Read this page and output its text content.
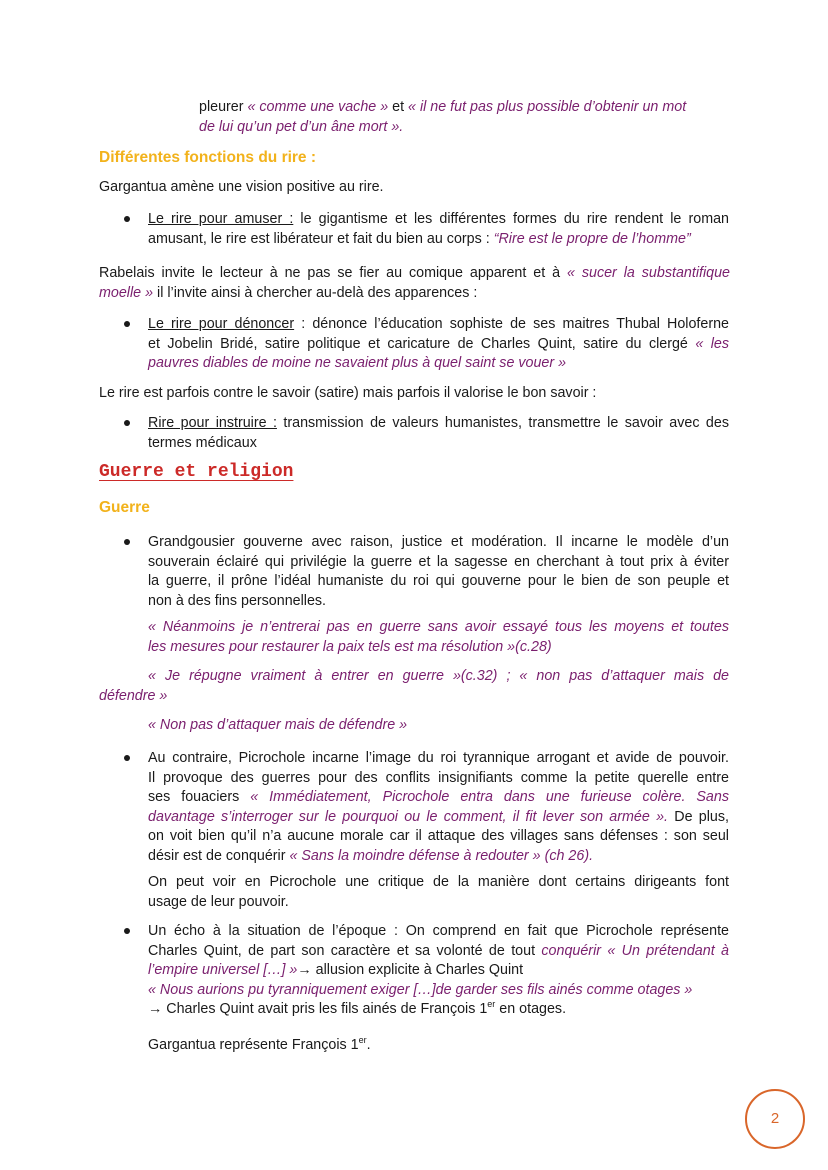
pleurer « comme une vache » et « il ne fut pas plus possible d’obtenir un mot
de lui qu’un pet d’un âne mort ».
Différentes fonctions du rire :
Gargantua amène une vision positive au rire.
Le rire pour amuser : le gigantisme et les différentes formes du rire rendent le roman
amusant, le rire est libérateur et fait du bien au corps : “Rire est le propre de l’homme”
Rabelais invite le lecteur à ne pas se fier au comique apparent et à « sucer la substantifique
moelle » il l’invite ainsi à chercher au-delà des apparences :
Le rire pour dénoncer : dénonce l’éducation sophiste de ses maitres Thubal Holoferne
et Jobelin Bridé, satire politique et caricature de Charles Quint, satire du clergé « les
pauvres diables de moine ne savaient plus à quel saint se vouer »
Le rire est parfois contre le savoir (satire) mais parfois il valorise le bon savoir :
Rire pour instruire : transmission de valeurs humanistes, transmettre le savoir avec des
termes médicaux
Guerre et religion
Guerre
Grandgousier gouverne avec raison, justice et modération. Il incarne le modèle d’un
souverain éclairé qui privilégie la guerre et la sagesse en cherchant à tout prix à éviter
la guerre, il prône l’idéal humaniste du roi qui gouverne pour le bien de son peuple et
non à des fins personnelles.
« Néanmoins je n’entrerai pas en guerre sans avoir essayé tous les moyens et toutes
les mesures pour restaurer la paix tels est ma résolution »(c.28)
« Je répugne vraiment à entrer en guerre »(c.32) ; « non pas d’attaquer mais de
défendre »
« Non pas d’attaquer mais de défendre »
Au contraire, Picrochole incarne l’image du roi tyrannique arrogant et avide de pouvoir.
Il provoque des guerres pour des conflits insignifiants comme la petite querelle entre
ses fouaciers « Immédiatement, Picrochole entra dans une furieuse colère. Sans
davantage s’interroger sur le pourquoi ou le comment, il fit lever son armée ». De plus,
on voit bien qu’il n’a aucune morale car il attaque des villages sans défenses : son seul
désir est de conquérir « Sans la moindre défense à redouter » (ch 26).
On peut voir en Picrochole une critique de la manière dont certains dirigeants font
usage de leur pouvoir.
Un écho à la situation de l’époque : On comprend en fait que Picrochole représente
Charles Quint, de part son caractère et sa volonté de tout conquérir « Un prétendant à
l’empire universel […] »→ allusion explicite à Charles Quint
« Nous aurions pu tyranniquement exiger […]de garder ses fils ainés comme otages »
→ Charles Quint avait pris les fils ainés de François 1er en otages.
Gargantua représente François 1er.
2
